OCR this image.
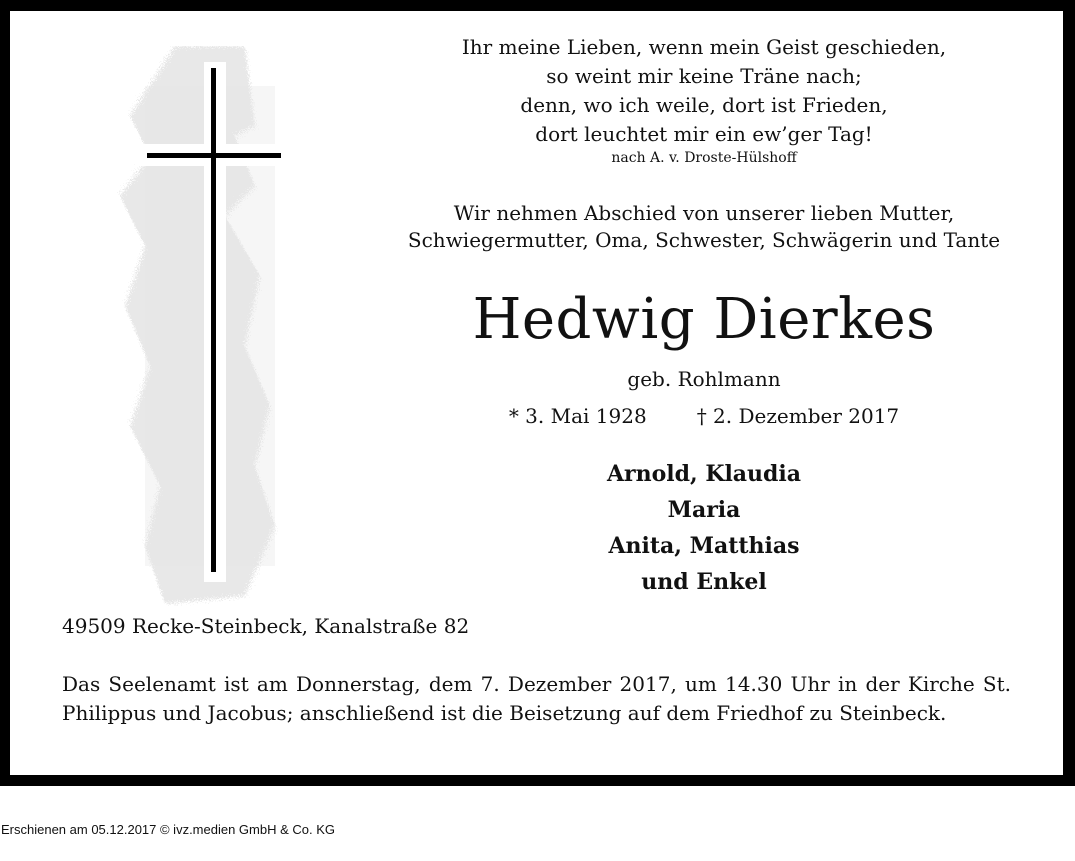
Ihr meine Lieben, wenn mein Geist geschieden,
so weint mir keine Träne nach;
denn, wo ich weile, dort ist Frieden,
dort leuchtet mir ein ew’ger Tag!
nach A. v. Droste-Hülshoff
Wir nehmen Abschied von unserer lieben Mutter,
Schwiegermutter, Oma, Schwester, Schwägerin und Tante
Hedwig Dierkes
geb. Rohlmann
* 3. Mai 1928	† 2. Dezember 2017
Arnold, Klaudia
Maria
Anita, Matthias
und Enkel
49509 Recke-Steinbeck, Kanalstraße 82
Das Seelenamt ist am Donnerstag, dem 7. Dezember 2017, um 14.30 Uhr in der Kirche St. Philippus und Jacobus; anschließend ist die Beisetzung auf dem Friedhof zu Steinbeck.
Erschienen am 05.12.2017 © ivz.medien GmbH & Co. KG
